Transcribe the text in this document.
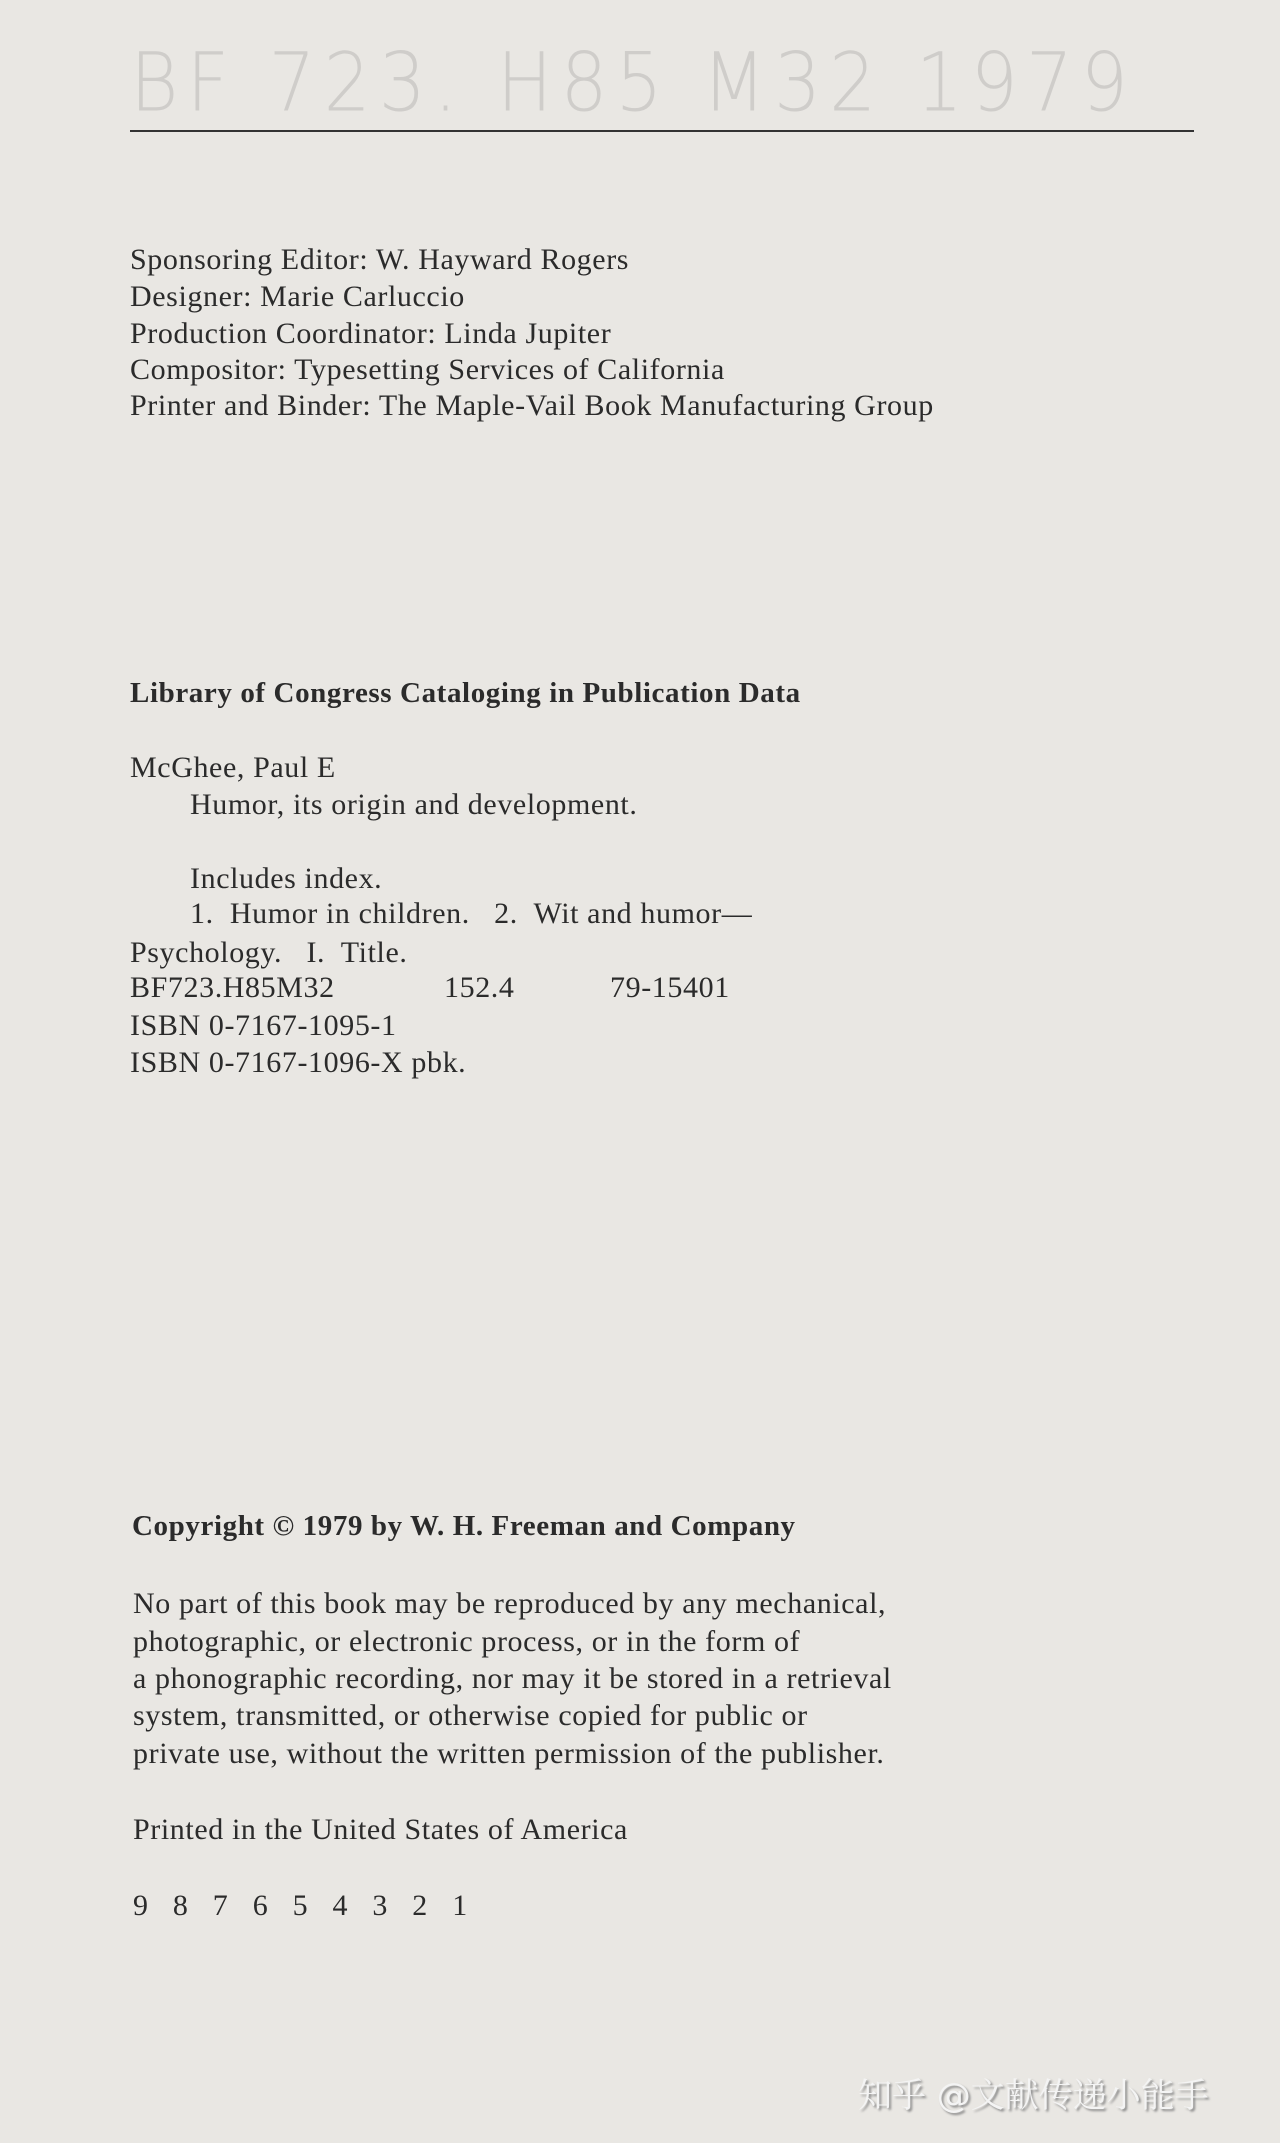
BF 723. H85 M32 1979
Sponsoring Editor: W. Hayward Rogers
Designer: Marie Carluccio
Production Coordinator: Linda Jupiter
Compositor: Typesetting Services of California
Printer and Binder: The Maple-Vail Book Manufacturing Group
Library of Congress Cataloging in Publication Data
McGhee, Paul E
Humor, its origin and development.
Includes index.
1.  Humor in children.   2.  Wit and humor—
Psychology.   I.  Title.
BF723.H85M32	152.4	79-15401
ISBN 0-7167-1095-1
ISBN 0-7167-1096-X pbk.
Copyright © 1979 by W. H. Freeman and Company
No part of this book may be reproduced by any mechanical,
photographic, or electronic process, or in the form of
a phonographic recording, nor may it be stored in a retrieval
system, transmitted, or otherwise copied for public or
private use, without the written permission of the publisher.
Printed in the United States of America
9   8   7   6   5   4   3   2   1
知乎 @文献传递小能手
